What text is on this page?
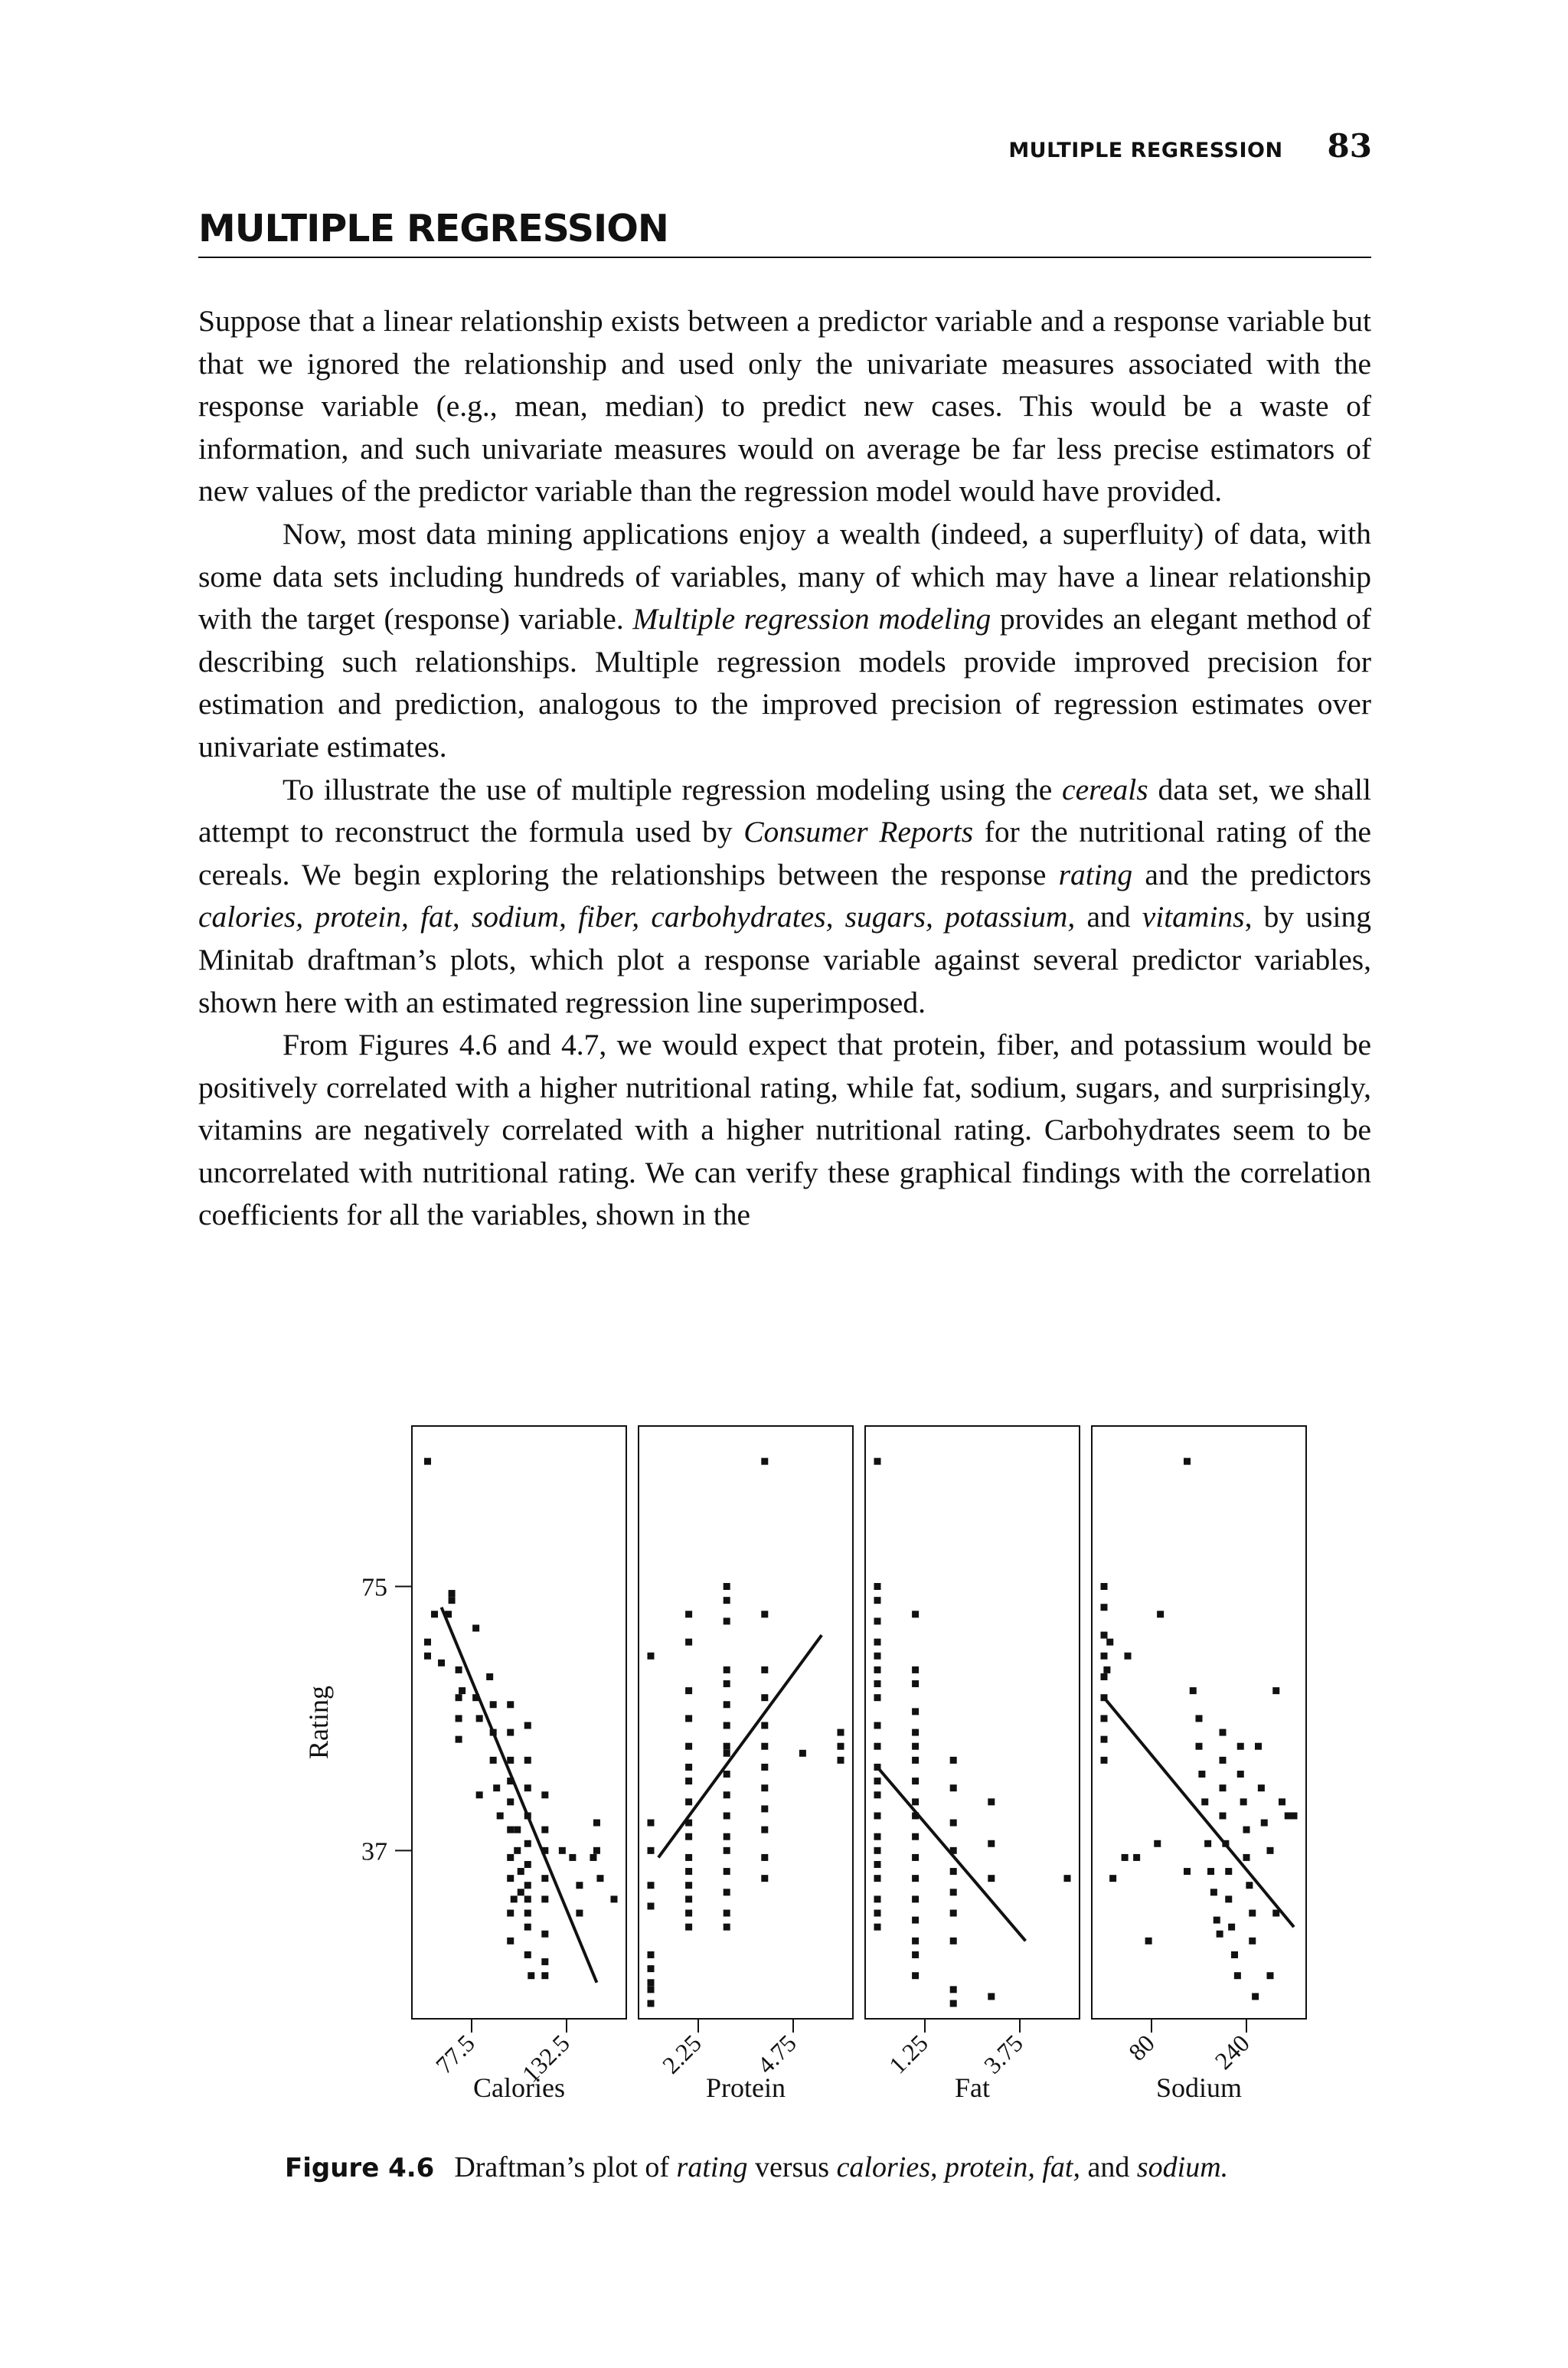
MULTIPLE REGRESSION 83
MULTIPLE REGRESSION

Suppose that a linear relationship exists between a predictor variable and a response variable but that we ignored the relationship and used only the univariate measures associated with the response variable (e.g., mean, median) to predict new cases. This would be a waste of information, and such univariate measures would on average be far less precise estimators of new values of the predictor variable than the regression model would have provided.

Now, most data mining applications enjoy a wealth (indeed, a superfluity) of data, with some data sets including hundreds of variables, many of which may have a linear relationship with the target (response) variable. Multiple regression modeling provides an elegant method of describing such relationships. Multiple regression models provide improved precision for estimation and prediction, analogous to the improved precision of regression estimates over univariate estimates.

To illustrate the use of multiple regression modeling using the cereals data set, we shall attempt to reconstruct the formula used by Consumer Reports for the nutritional rating of the cereals. We begin exploring the relationships between the response rating and the predictors calories, protein, fat, sodium, fiber, carbohydrates, sugars, potassium, and vitamins, by using Minitab draftman’s plots, which plot a response variable against several predictor variables, shown here with an estimated regression line superimposed.

From Figures 4.6 and 4.7, we would expect that protein, fiber, and potassium would be positively correlated with a higher nutritional rating, while fat, sodium, sugars, and surprisingly, vitamins are negatively correlated with a higher nutritional rating. Carbohydrates seem to be uncorrelated with nutritional rating. We can verify these graphical findings with the correlation coefficients for all the variables, shown in the

37
75
Rating
77.5 132.5
Calories
2.25 4.75
Protein
1.25 3.75
Fat
80 240
Sodium
Figure 4.6 Draftman’s plot of rating versus calories, protein, fat, and sodium.
